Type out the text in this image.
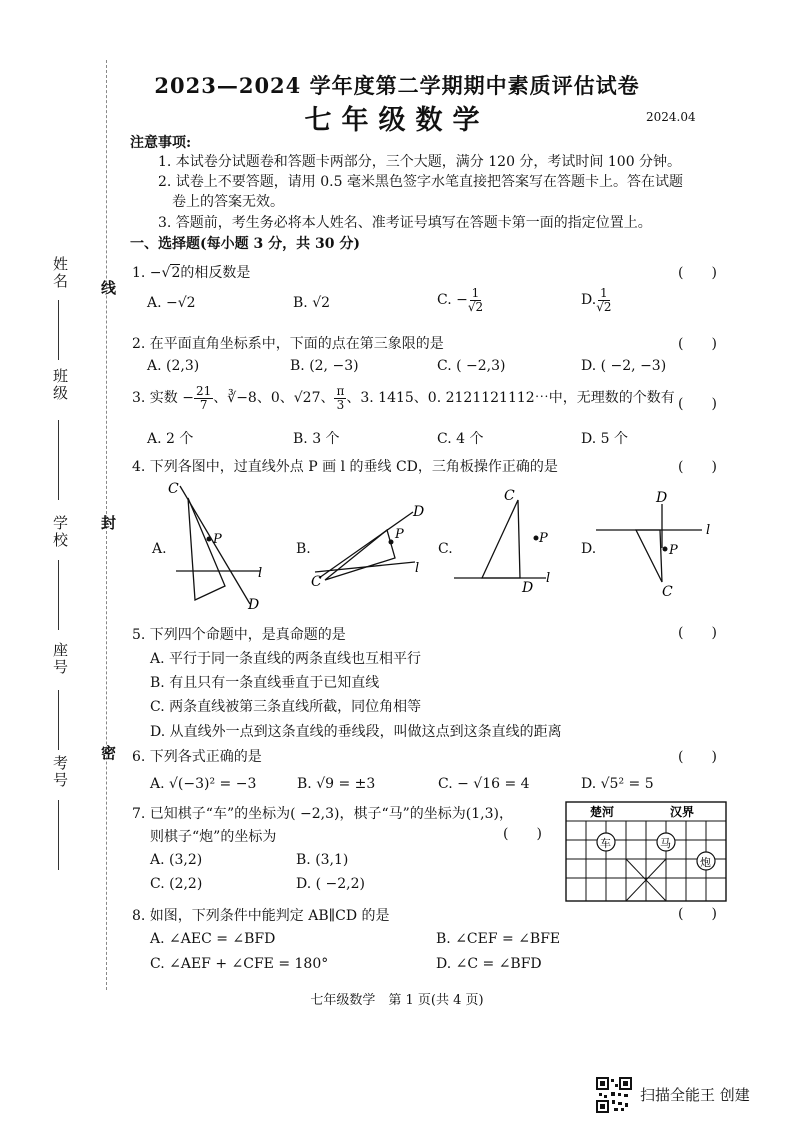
姓名
班级
学校
座号
考号
线
封
密
2023—2024 学年度第二学期期中素质评估试卷
七年级数学	2024.04
注意事项:
1. 本试卷分试题卷和答题卡两部分，三个大题，满分 120 分，考试时间 100 分钟。
2. 试卷上不要答题，请用 0.5 毫米黑色签字水笔直接把答案写在答题卡上。答在试题
卷上的答案无效。
3. 答题前，考生务必将本人姓名、准考证号填写在答题卡第一面的指定位置上。
一、选择题(每小题 3 分，共 30 分)
1. −√2的相反数是	(　　)
A. −√2	B. √2	C. − $\frac{1}{√2}$	D. $\frac{1}{√2}$
2. 在平面直角坐标系中，下面的点在第三象限的是	(　　)
A. (2,3)	B. (2, −3)	C. ( −2,3)	D. ( −2, −3)
3. 实数 − $\frac{21}{7}$ 、∛−8、0、√27、 $\frac{\pi}{3}$ 、3. 1415、0. 2121121112⋯中，无理数的个数有 (　　)
A. 2 个	B. 3 个	C. 4 个	D. 5 个
4. 下列各图中，过直线外点 P 画 l 的垂线 CD，三角板操作正确的是	(　　)
A.
C
P
l
D
B.
C
P
l
D
C.
C
P
l
D
D.
D
P
l
C
5. 下列四个命题中，是真命题的是	(　　)
A. 平行于同一条直线的两条直线也互相平行
B. 有且只有一条直线垂直于已知直线
C. 两条直线被第三条直线所截，同位角相等
D. 从直线外一点到这条直线的垂线段，叫做这点到这条直线的距离
6. 下列各式正确的是	(　　)
A. √(−3)² = −3	B. √9 = ±3	C. − √16 = 4	D. √5² = 5
7. 已知棋子“车”的坐标为( −2,3)，棋子“马”的坐标为(1,3)，
则棋子“炮”的坐标为	(　　)
A. (3,2)	B. (3,1)
C. (2,2)	D. ( −2,2)
楚河	汉界
车	马
炮
8. 如图，下列条件中能判定 AB∥CD 的是	(　　)
A. ∠AEC = ∠BFD	B. ∠CEF = ∠BFE
C. ∠AEF + ∠CFE = 180°	D. ∠C = ∠BFD
七年级数学　第 1 页(共 4 页)
扫描全能王 创建
